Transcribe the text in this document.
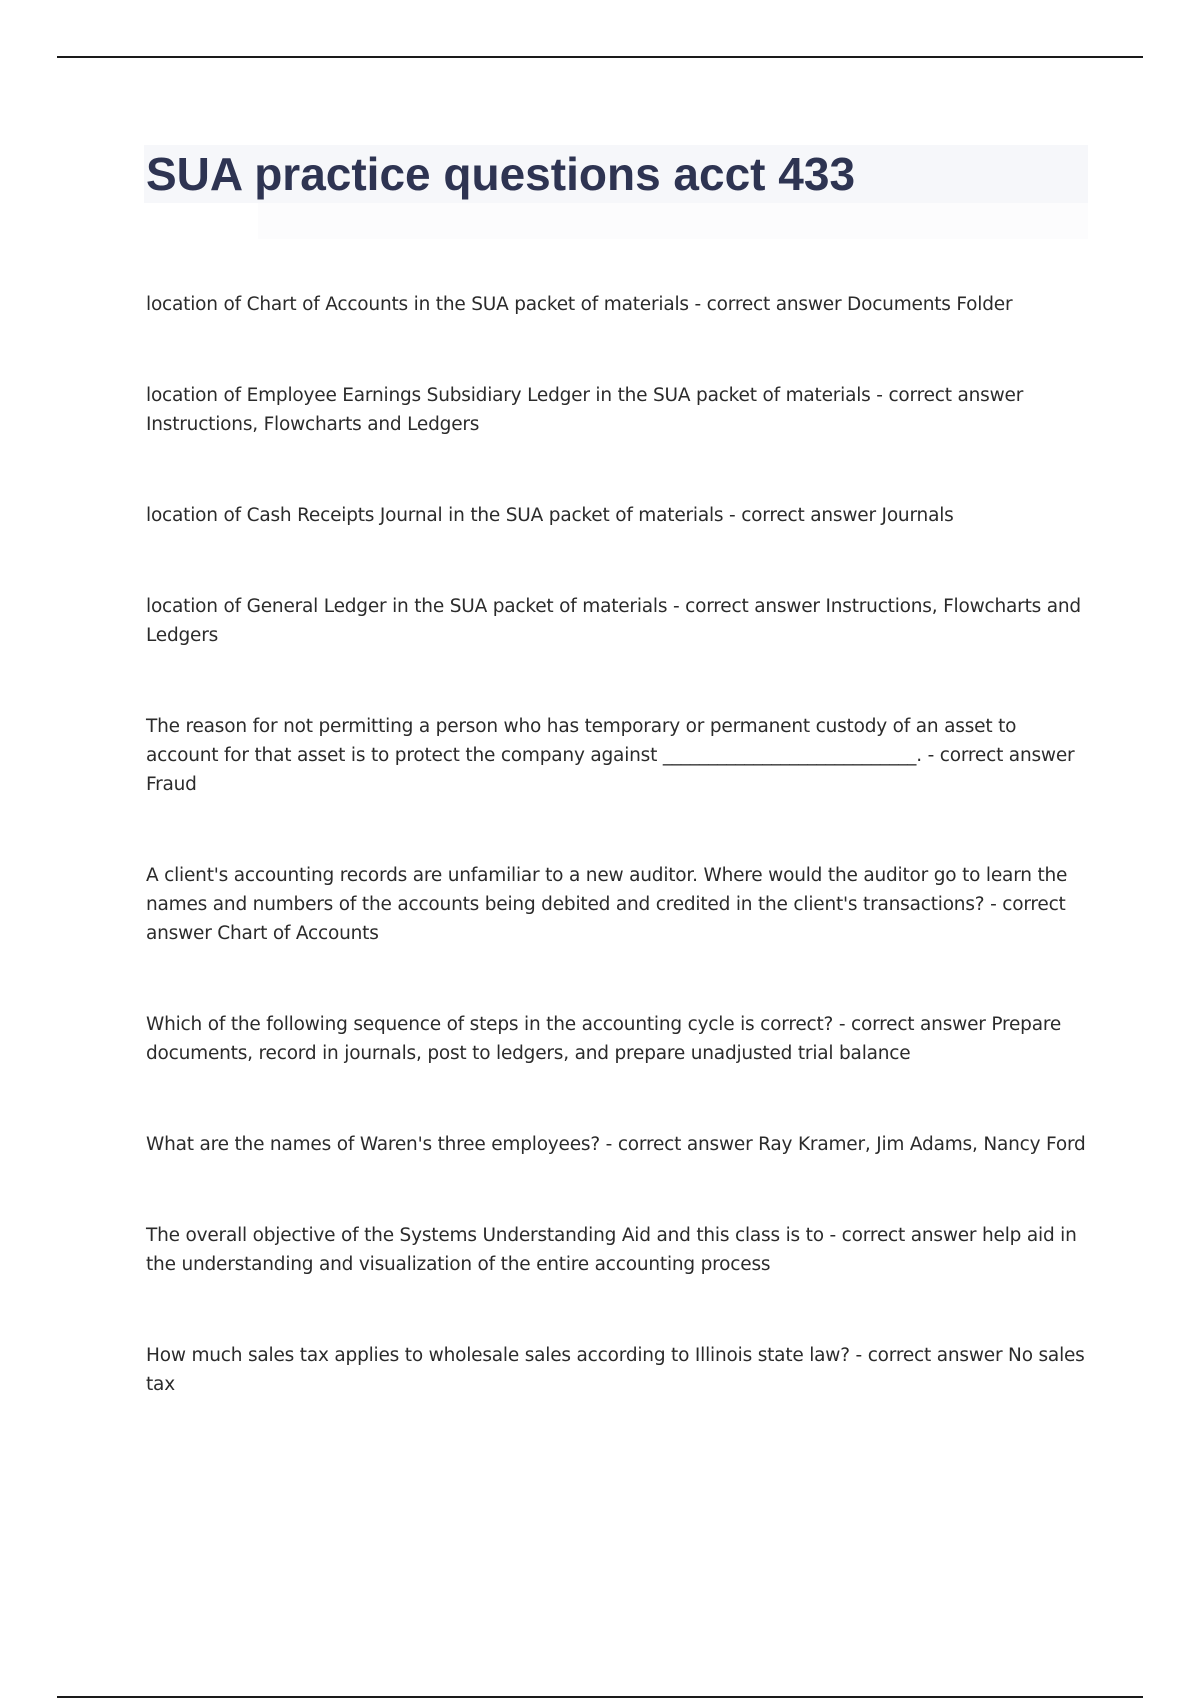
SUA practice questions acct 433

location of Chart of Accounts in the SUA packet of materials - correct answer Documents Folder

location of Employee Earnings Subsidiary Ledger in the SUA packet of materials - correct answer Instructions, Flowcharts and Ledgers

location of Cash Receipts Journal in the SUA packet of materials - correct answer Journals

location of General Ledger in the SUA packet of materials - correct answer Instructions, Flowcharts and Ledgers

The reason for not permitting a person who has temporary or permanent custody of an asset to account for that asset is to protect the company against ____________________________. - correct answer Fraud

A client's accounting records are unfamiliar to a new auditor. Where would the auditor go to learn the names and numbers of the accounts being debited and credited in the client's transactions? - correct answer Chart of Accounts

Which of the following sequence of steps in the accounting cycle is correct? - correct answer Prepare documents, record in journals, post to ledgers, and prepare unadjusted trial balance

What are the names of Waren's three employees? - correct answer Ray Kramer, Jim Adams, Nancy Ford

The overall objective of the Systems Understanding Aid and this class is to - correct answer help aid in the understanding and visualization of the entire accounting process

How much sales tax applies to wholesale sales according to Illinois state law? - correct answer No sales tax
